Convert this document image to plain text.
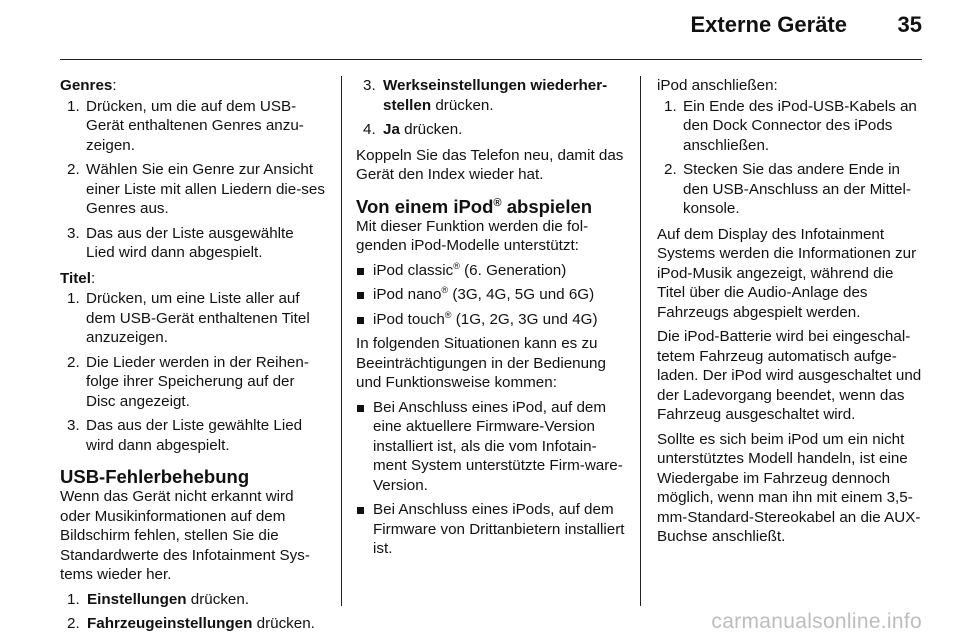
Externe Geräte 35
Genres:
1. Drücken, um die auf dem USB-Gerät enthaltenen Genres anzu-zeigen.
2. Wählen Sie ein Genre zur Ansicht einer Liste mit allen Liedern die-ses Genres aus.
3. Das aus der Liste ausgewählte Lied wird dann abgespielt.
Titel:
1. Drücken, um eine Liste aller auf dem USB-Gerät enthaltenen Titel anzuzeigen.
2. Die Lieder werden in der Reihen-folge ihrer Speicherung auf der Disc angezeigt.
3. Das aus der Liste gewählte Lied wird dann abgespielt.
USB-Fehlerbehebung

Wenn das Gerät nicht erkannt wird oder Musikinformationen auf dem Bildschirm fehlen, stellen Sie die Standardwerte des Infotainment Sys-tems wieder her.

1. Einstellungen drücken.
2. Fahrzeugeinstellungen drücken.
3. Werkseinstellungen wiederher-stellen drücken.
4. Ja drücken.

Koppeln Sie das Telefon neu, damit das Gerät den Index wieder hat.

Von einem iPod® abspielen

Mit dieser Funktion werden die fol-genden iPod-Modelle unterstützt:

iPod classic® (6. Generation)
iPod nano® (3G, 4G, 5G und 6G)
iPod touch® (1G, 2G, 3G und 4G)

In folgenden Situationen kann es zu Beeinträchtigungen in der Bedienung und Funktionsweise kommen:

Bei Anschluss eines iPod, auf dem eine aktuellere Firmware-Version installiert ist, als die vom Infotain-ment System unterstützte Firm-ware-Version.
Bei Anschluss eines iPods, auf dem Firmware von Drittanbietern installiert ist.
iPod anschließen:
1. Ein Ende des iPod-USB-Kabels an den Dock Connector des iPods anschließen.
2. Stecken Sie das andere Ende in den USB-Anschluss an der Mittel-konsole.

Auf dem Display des Infotainment Systems werden die Informationen zur iPod-Musik angezeigt, während die Titel über die Audio-Anlage des Fahrzeugs abgespielt werden.

Die iPod-Batterie wird bei eingeschal-tetem Fahrzeug automatisch aufge-laden. Der iPod wird ausgeschaltet und der Ladevorgang beendet, wenn das Fahrzeug ausgeschaltet wird.

Sollte es sich beim iPod um ein nicht unterstütztes Modell handeln, ist eine Wiedergabe im Fahrzeug dennoch möglich, wenn man ihn mit einem 3,5-mm-Standard-Stereokabel an die AUX-Buchse anschließt.

carmanualsonline.info
